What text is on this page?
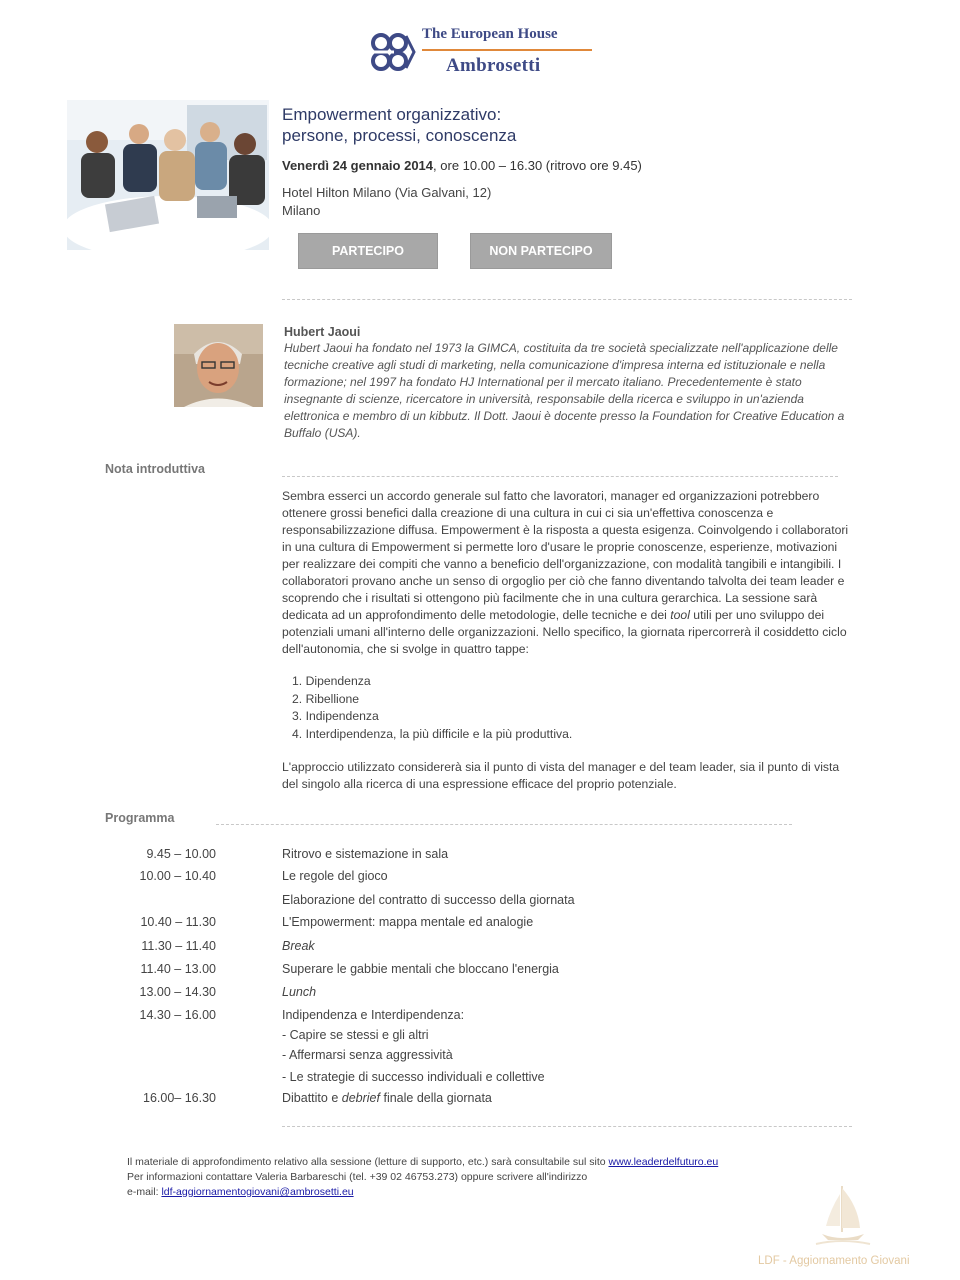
The European House
Ambrosetti
Empowerment organizzativo:
persone, processi, conoscenza
Venerdì 24 gennaio 2014, ore 10.00 – 16.30 (ritrovo ore 9.45)
Hotel Hilton Milano (Via Galvani, 12)
Milano
PARTECIPO	NON PARTECIPO
Hubert Jaoui
Hubert Jaoui ha fondato nel 1973 la GIMCA, costituita da tre società specializzate nell'applicazione delle tecniche creative agli studi di marketing, nella comunicazione d'impresa interna ed istituzionale e nella formazione; nel 1997 ha fondato HJ International per il mercato italiano. Precedentemente è stato insegnante di scienze, ricercatore in università, responsabile della ricerca e sviluppo in un'azienda elettronica e membro di un kibbutz. Il Dott. Jaoui è docente presso la Foundation for Creative Education a Buffalo (USA).
Nota introduttiva
Sembra esserci un accordo generale sul fatto che lavoratori, manager ed organizzazioni potrebbero ottenere grossi benefici dalla creazione di una cultura in cui ci sia un'effettiva conoscenza e responsabilizzazione diffusa. Empowerment è la risposta a questa esigenza. Coinvolgendo i collaboratori in una cultura di Empowerment si permette loro d'usare le proprie conoscenze, esperienze, motivazioni per realizzare dei compiti che vanno a beneficio dell'organizzazione, con modalità tangibili e intangibili. I collaboratori provano anche un senso di orgoglio per ciò che fanno diventando talvolta dei team leader e scoprendo che i risultati si ottengono più facilmente che in una cultura gerarchica. La sessione sarà dedicata ad un approfondimento delle metodologie, delle tecniche e dei tool utili per uno sviluppo dei potenziali umani all'interno delle organizzazioni. Nello specifico, la giornata ripercorrerà il cosiddetto ciclo dell'autonomia, che si svolge in quattro tappe:
1. Dipendenza
2. Ribellione
3. Indipendenza
4. Interdipendenza, la più difficile e la più produttiva.
L'approccio utilizzato considererà sia il punto di vista del manager e del team leader, sia il punto di vista del singolo alla ricerca di una espressione efficace del proprio potenziale.
Programma
9.45 – 10.00	Ritrovo e sistemazione in sala
10.00 – 10.40	Le regole del gioco
Elaborazione del contratto di successo della giornata
10.40 – 11.30	L'Empowerment: mappa mentale ed analogie
11.30 – 11.40	Break
11.40 – 13.00	Superare le gabbie mentali che bloccano l'energia
13.00 – 14.30	Lunch
14.30 – 16.00	Indipendenza e Interdipendenza:
- Capire se stessi e gli altri
- Affermarsi senza aggressività
- Le strategie di successo individuali e collettive
16.00– 16.30	Dibattito e debrief finale della giornata
Il materiale di approfondimento relativo alla sessione (letture di supporto, etc.) sarà consultabile sul sito www.leaderdelfuturo.eu
Per informazioni contattare Valeria Barbareschi (tel. +39 02 46753.273) oppure scrivere all'indirizzo
e-mail: ldf-aggiornamentogiovani@ambrosetti.eu
LDF - Aggiornamento Giovani
